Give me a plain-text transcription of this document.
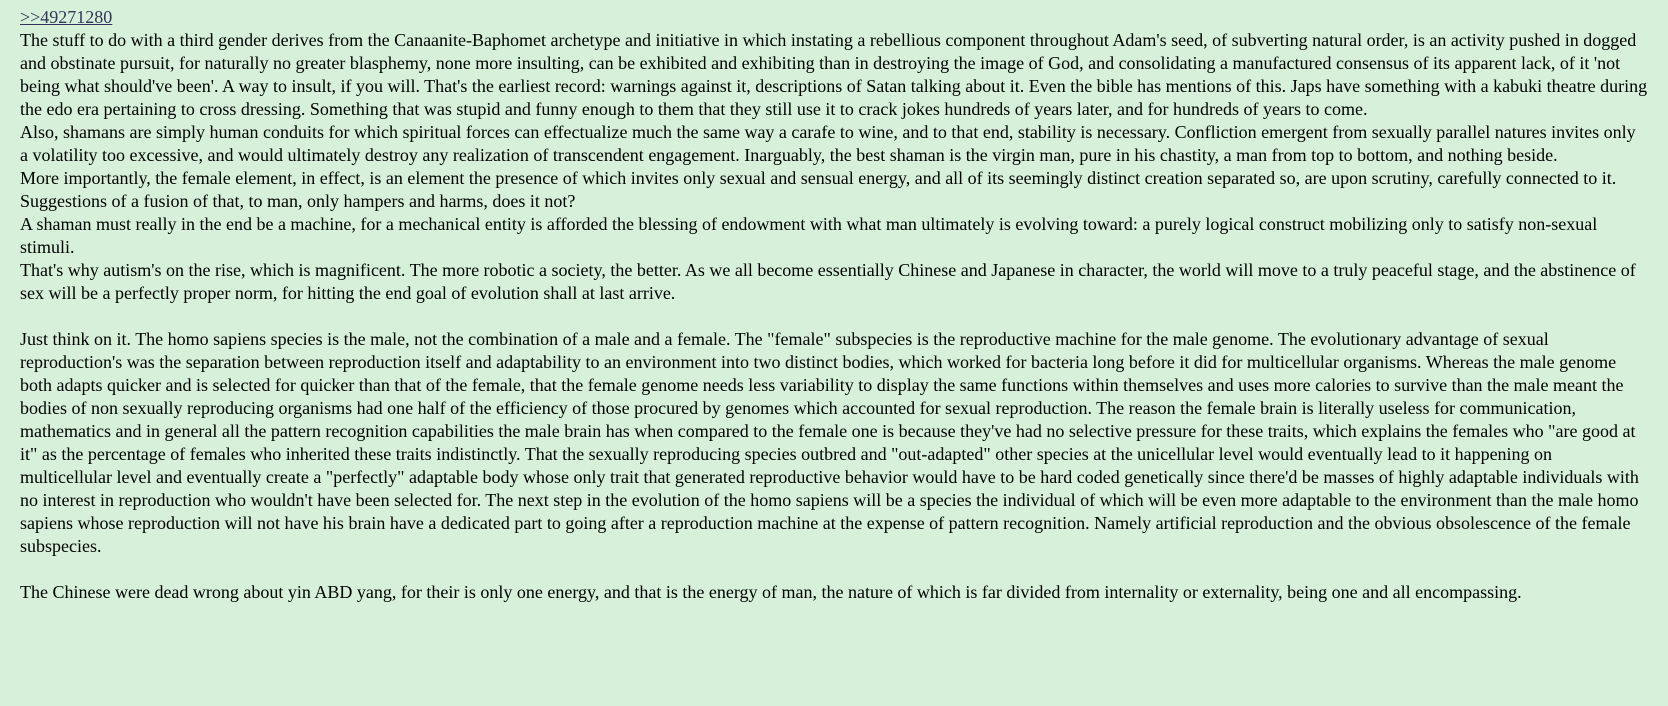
>>49271280

The stuff to do with a third gender derives from the Canaanite-Baphomet archetype and initiative in which instating a rebellious component throughout Adam's seed, of subverting natural order, is an activity pushed in dogged and obstinate pursuit, for naturally no greater blasphemy, none more insulting, can be exhibited and exhibiting than in destroying the image of God, and consolidating a manufactured consensus of its apparent lack, of it 'not being what should've been'. A way to insult, if you will. That's the earliest record: warnings against it, descriptions of Satan talking about it. Even the bible has mentions of this. Japs have something with a kabuki theatre during the edo era pertaining to cross dressing. Something that was stupid and funny enough to them that they still use it to crack jokes hundreds of years later, and for hundreds of years to come.

Also, shamans are simply human conduits for which spiritual forces can effectualize much the same way a carafe to wine, and to that end, stability is necessary. Confliction emergent from sexually parallel natures invites only a volatility too excessive, and would ultimately destroy any realization of transcendent engagement. Inarguably, the best shaman is the virgin man, pure in his chastity, a man from top to bottom, and nothing beside.

More importantly, the female element, in effect, is an element the presence of which invites only sexual and sensual energy, and all of its seemingly distinct creation separated so, are upon scrutiny, carefully connected to it. Suggestions of a fusion of that, to man, only hampers and harms, does it not?

A shaman must really in the end be a machine, for a mechanical entity is afforded the blessing of endowment with what man ultimately is evolving toward: a purely logical construct mobilizing only to satisfy non-sexual stimuli.

That's why autism's on the rise, which is magnificent. The more robotic a society, the better. As we all become essentially Chinese and Japanese in character, the world will move to a truly peaceful stage, and the abstinence of sex will be a perfectly proper norm, for hitting the end goal of evolution shall at last arrive.

Just think on it. The homo sapiens species is the male, not the combination of a male and a female. The "female" subspecies is the reproductive machine for the male genome. The evolutionary advantage of sexual reproduction's was the separation between reproduction itself and adaptability to an environment into two distinct bodies, which worked for bacteria long before it did for multicellular organisms. Whereas the male genome both adapts quicker and is selected for quicker than that of the female, that the female genome needs less variability to display the same functions within themselves and uses more calories to survive than the male meant the bodies of non sexually reproducing organisms had one half of the efficiency of those procured by genomes which accounted for sexual reproduction. The reason the female brain is literally useless for communication, mathematics and in general all the pattern recognition capabilities the male brain has when compared to the female one is because they've had no selective pressure for these traits, which explains the females who "are good at it" as the percentage of females who inherited these traits indistinctly. That the sexually reproducing species outbred and "out-adapted" other species at the unicellular level would eventually lead to it happening on multicellular level and eventually create a "perfectly" adaptable body whose only trait that generated reproductive behavior would have to be hard coded genetically since there'd be masses of highly adaptable individuals with no interest in reproduction who wouldn't have been selected for. The next step in the evolution of the homo sapiens will be a species the individual of which will be even more adaptable to the environment than the male homo sapiens whose reproduction will not have his brain have a dedicated part to going after a reproduction machine at the expense of pattern recognition. Namely artificial reproduction and the obvious obsolescence of the female subspecies.

The Chinese were dead wrong about yin ABD yang, for their is only one energy, and that is the energy of man, the nature of which is far divided from internality or externality, being one and all encompassing.
